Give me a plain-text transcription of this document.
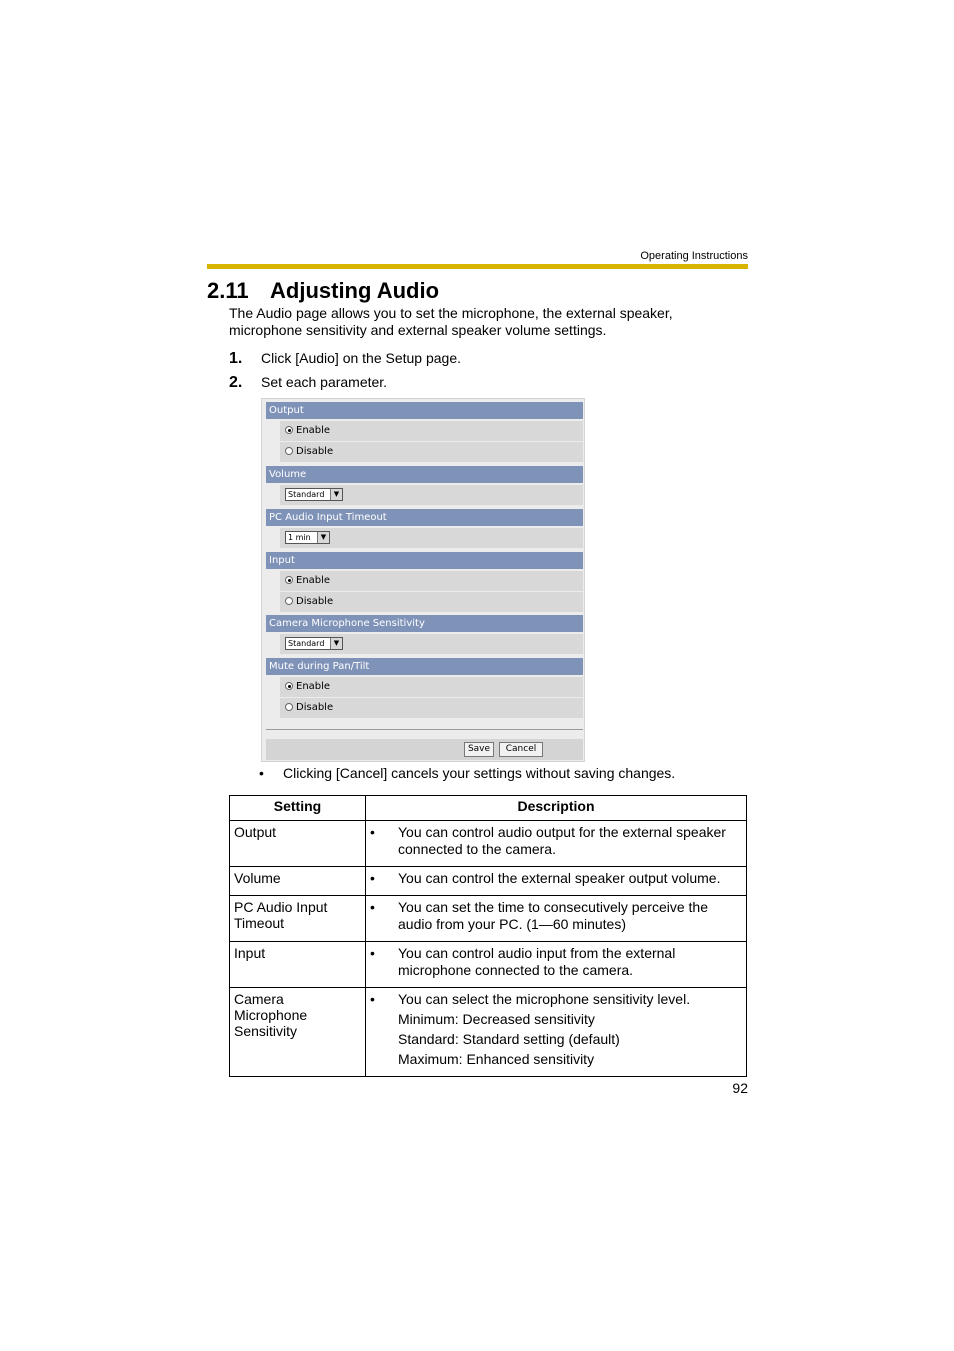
Operating Instructions
2.11 Adjusting Audio
The Audio page allows you to set the microphone, the external speaker, microphone sensitivity and external speaker volume settings.
1. Click [Audio] on the Setup page.
2. Set each parameter.
Output
Enable
Disable
Volume
Standard	▼
PC Audio Input Timeout
1 min	▼
Input
Enable
Disable
Camera Microphone Sensitivity
Standard	▼
Mute during Pan/Tilt
Enable
Disable
Save	Cancel
• Clicking [Cancel] cancels your settings without saving changes.
Setting	Description
Output	• You can control audio output for the external speaker connected to the camera.

Volume	• You can control the external speaker output volume.

PC Audio Input Timeout	• You can set the time to consecutively perceive the audio from your PC. (1—60 minutes)

Input	• You can control audio input from the external microphone connected to the camera.

Camera Microphone Sensitivity	• You can select the microphone sensitivity level.
Minimum: Decreased sensitivity
Standard: Standard setting (default)
Maximum: Enhanced sensitivity
92
